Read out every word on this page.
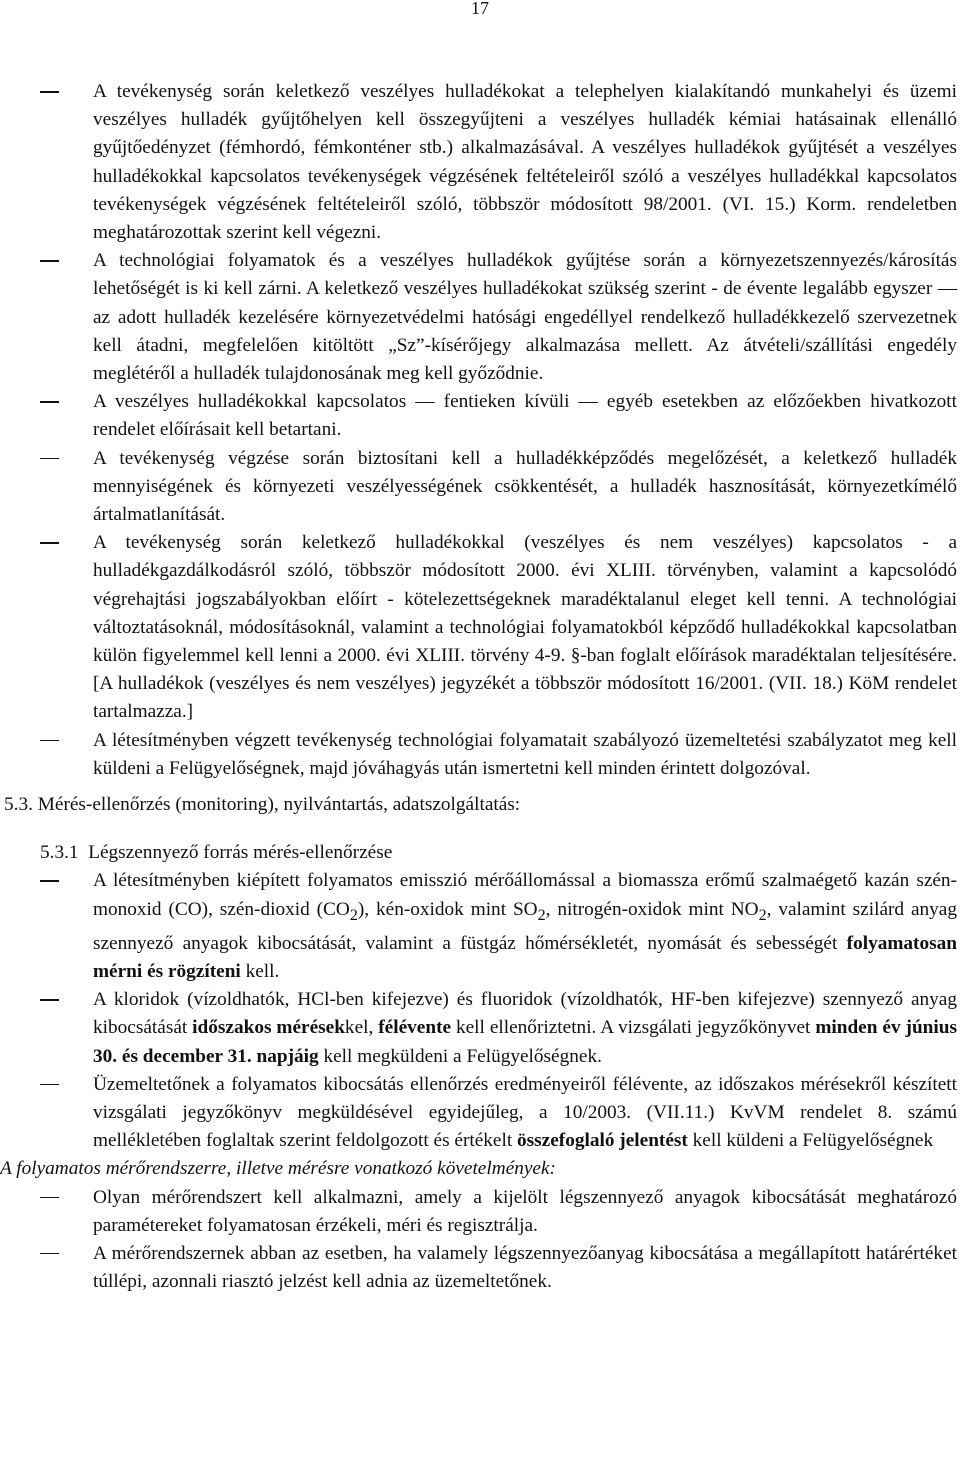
17

A tevékenység során keletkező veszélyes hulladékokat a telephelyen kialakítandó munkahelyi és üzemi veszélyes hulladék gyűjtőhelyen kell összegyűjteni a veszélyes hulladék kémiai hatásainak ellenálló gyűjtőedényzet (fémhordó, fémkonténer stb.) alkalmazásával. A veszélyes hulladékok gyűjtését a veszélyes hulladékokkal kapcsolatos tevékenységek végzésének feltételeiről szóló a veszélyes hulladékkal kapcsolatos tevékenységek végzésének feltételeiről szóló, többször módosított 98/2001. (VI. 15.) Korm. rendeletben meghatározottak szerint kell végezni.

A technológiai folyamatok és a veszélyes hulladékok gyűjtése során a környezetszennyezés/károsítás lehetőségét is ki kell zárni. A keletkező veszélyes hulladékokat szükség szerint - de évente legalább egyszer ― az adott hulladék kezelésére környezetvédelmi hatósági engedéllyel rendelkező hulladékkezelő szervezetnek kell átadni, megfelelően kitöltött „Sz”-kísérőjegy alkalmazása mellett. Az átvételi/szállítási engedély meglétéről a hulladék tulajdonosának meg kell győződnie.

A veszélyes hulladékokkal kapcsolatos ― fentieken kívüli ― egyéb esetekben az előzőekben hivatkozott rendelet előírásait kell betartani.

A tevékenység végzése során biztosítani kell a hulladékképződés megelőzését, a keletkező hulladék mennyiségének és környezeti veszélyességének csökkentését, a hulladék hasznosítását, környezetkímélő ártalmatlanítását.

A tevékenység során keletkező hulladékokkal (veszélyes és nem veszélyes) kapcsolatos - a hulladékgazdálkodásról szóló, többször módosított 2000. évi XLIII. törvényben, valamint a kapcsolódó végrehajtási jogszabályokban előírt - kötelezettségeknek maradéktalanul eleget kell tenni. A technológiai változtatásoknál, módosításoknál, valamint a technológiai folyamatokból képződő hulladékokkal kapcsolatban külön figyelemmel kell lenni a 2000. évi XLIII. törvény 4-9. §-ban foglalt előírások maradéktalan teljesítésére. [A hulladékok (veszélyes és nem veszélyes) jegyzékét a többször módosított 16/2001. (VII. 18.) KöM rendelet tartalmazza.]

A létesítményben végzett tevékenység technológiai folyamatait szabályozó üzemeltetési szabályzatot meg kell küldeni a Felügyelőségnek, majd jóváhagyás után ismertetni kell minden érintett dolgozóval.

5.3. Mérés-ellenőrzés (monitoring), nyilvántartás, adatszolgáltatás:

5.3.1 Légszennyező forrás mérés-ellenőrzése

A létesítményben kiépített folyamatos emisszió mérőállomással a biomassza erőmű szalmaégető kazán szén-monoxid (CO), szén-dioxid $(CO_2)$, kén-oxidok mint $SO_2$, nitrogén-oxidok mint $NO_2$, valamint szilárd anyag szennyező anyagok kibocsátását, valamint a füstgáz hőmérsékletét, nyomását és sebességét folyamatosan mérni és rögzíteni kell.

A kloridok (vízoldhatók, HCl-ben kifejezve) és fluoridok (vízoldhatók, HF-ben kifejezve) szennyező anyag kibocsátását időszakos mérésekkel, félévente kell ellenőriztetni. A vizsgálati jegyzőkönyvet minden év június 30. és december 31. napjáig kell megküldeni a Felügyelőségnek.

Üzemeltetőnek a folyamatos kibocsátás ellenőrzés eredményeiről félévente, az időszakos mérésekről készített vizsgálati jegyzőkönyv megküldésével egyidejűleg, a 10/2003. (VII.11.) KvVM rendelet 8. számú mellékletében foglaltak szerint feldolgozott és értékelt összefoglaló jelentést kell küldeni a Felügyelőségnek

A folyamatos mérőrendszerre, illetve mérésre vonatkozó követelmények:

Olyan mérőrendszert kell alkalmazni, amely a kijelölt légszennyező anyagok kibocsátását meghatározó paramétereket folyamatosan érzékeli, méri és regisztrálja.

A mérőrendszernek abban az esetben, ha valamely légszennyezőanyag kibocsátása a megállapított határértéket túllépi, azonnali riasztó jelzést kell adnia az üzemeltetőnek.
